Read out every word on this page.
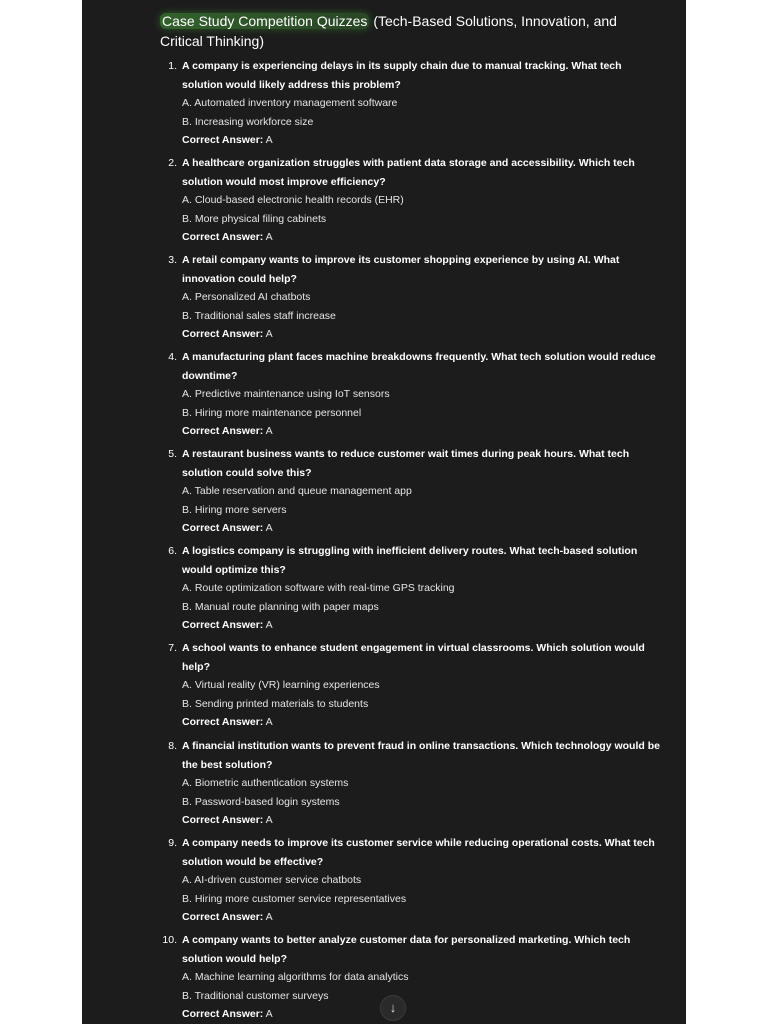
Case Study Competition Quizzes (Tech-Based Solutions, Innovation, and Critical Thinking)
1. A company is experiencing delays in its supply chain due to manual tracking. What tech solution would likely address this problem?
A. Automated inventory management software
B. Increasing workforce size
Correct Answer: A
2. A healthcare organization struggles with patient data storage and accessibility. Which tech solution would most improve efficiency?
A. Cloud-based electronic health records (EHR)
B. More physical filing cabinets
Correct Answer: A
3. A retail company wants to improve its customer shopping experience by using AI. What innovation could help?
A. Personalized AI chatbots
B. Traditional sales staff increase
Correct Answer: A
4. A manufacturing plant faces machine breakdowns frequently. What tech solution would reduce downtime?
A. Predictive maintenance using IoT sensors
B. Hiring more maintenance personnel
Correct Answer: A
5. A restaurant business wants to reduce customer wait times during peak hours. What tech solution could solve this?
A. Table reservation and queue management app
B. Hiring more servers
Correct Answer: A
6. A logistics company is struggling with inefficient delivery routes. What tech-based solution would optimize this?
A. Route optimization software with real-time GPS tracking
B. Manual route planning with paper maps
Correct Answer: A
7. A school wants to enhance student engagement in virtual classrooms. Which solution would help?
A. Virtual reality (VR) learning experiences
B. Sending printed materials to students
Correct Answer: A
8. A financial institution wants to prevent fraud in online transactions. Which technology would be the best solution?
A. Biometric authentication systems
B. Password-based login systems
Correct Answer: A
9. A company needs to improve its customer service while reducing operational costs. What tech solution would be effective?
A. AI-driven customer service chatbots
B. Hiring more customer service representatives
Correct Answer: A
10. A company wants to better analyze customer data for personalized marketing. Which tech solution would help?
A. Machine learning algorithms for data analytics
B. Traditional customer surveys
Correct Answer: A	↓
